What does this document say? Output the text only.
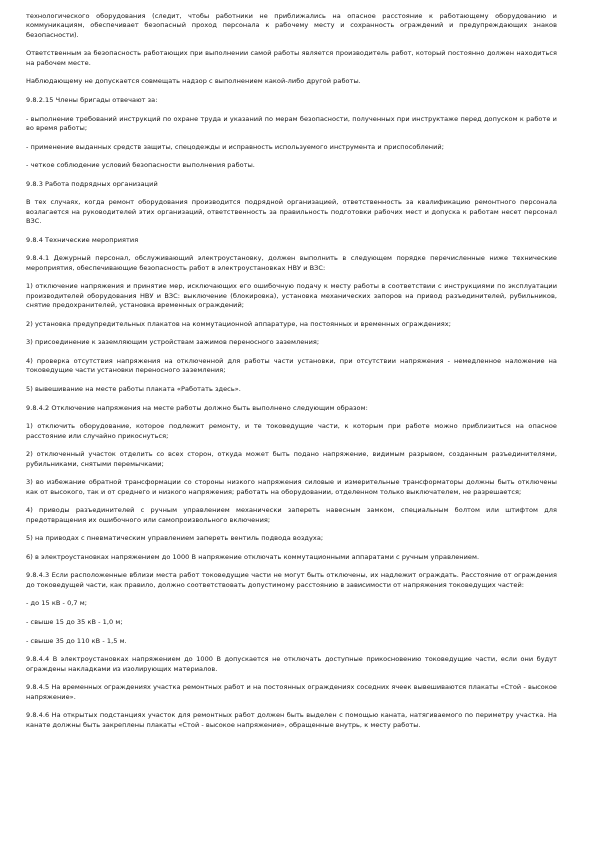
технологического оборудования (следит, чтобы работники не приближались на опасное расстояние к работающему оборудованию и коммуникациям, обеспечивает безопасный проход персонала к рабочему месту и сохранность ограждений и предупреждающих знаков безопасности).

Ответственным за безопасность работающих при выполнении самой работы является производитель работ, который постоянно должен находиться на рабочем месте.

Наблюдающему не допускается совмещать надзор с выполнением какой-либо другой работы.

9.8.2.15 Члены бригады отвечают за:

- выполнение требований инструкций по охране труда и указаний по мерам безопасности, полученных при инструктаже перед допуском к работе и во время работы;

- применение выданных средств защиты, спецодежды и исправность используемого инструмента и приспособлений;

- четкое соблюдение условий безопасности выполнения работы.

9.8.3 Работа подрядных организаций

В тех случаях, когда ремонт оборудования производится подрядной организацией, ответственность за квалификацию ремонтного персонала возлагается на руководителей этих организаций, ответственность за правильность подготовки рабочих мест и допуска к работам несет персонал ВЗС.

9.8.4 Технические мероприятия

9.8.4.1 Дежурный персонал, обслуживающий электроустановку, должен выполнить в следующем порядке перечисленные ниже технические мероприятия, обеспечивающие безопасность работ в электроустановках НВУ и ВЗС:

1) отключение напряжения и принятие мер, исключающих его ошибочную подачу к месту работы в соответствии с инструкциями по эксплуатации производителей оборудования НВУ и ВЗС: выключение (блокировка), установка механических запоров на привод разъединителей, рубильников, снятие предохранителей, установка временных ограждений;

2) установка предупредительных плакатов на коммутационной аппаратуре, на постоянных и временных ограждениях;

3) присоединение к заземляющим устройствам зажимов переносного заземления;

4) проверка отсутствия напряжения на отключенной для работы части установки, при отсутствии напряжения - немедленное наложение на токоведущие части установки переносного заземления;

5) вывешивание на месте работы плаката «Работать здесь».

9.8.4.2 Отключение напряжения на месте работы должно быть выполнено следующим образом:

1) отключить оборудование, которое подлежит ремонту, и те токоведущие части, к которым при работе можно приблизиться на опасное расстояние или случайно прикоснуться;

2) отключенный участок отделить со всех сторон, откуда может быть подано напряжение, видимым разрывом, созданным разъединителями, рубильниками, снятыми перемычками;

3) во избежание обратной трансформации со стороны низкого напряжения силовые и измерительные трансформаторы должны быть отключены как от высокого, так и от среднего и низкого напряжения; работать на оборудовании, отделенном только выключателем, не разрешается;

4) приводы разъединителей с ручным управлением механически запереть навесным замком, специальным болтом или штифтом для предотвращения их ошибочного или самопроизвольного включения;

5) на приводах с пневматическим управлением запереть вентиль подвода воздуха;

6) в электроустановках напряжением до 1000 В напряжение отключать коммутационными аппаратами с ручным управлением.

9.8.4.3 Если расположенные вблизи места работ токоведущие части не могут быть отключены, их надлежит ограждать. Расстояние от ограждения до токоведущей части, как правило, должно соответствовать допустимому расстоянию в зависимости от напряжения токоведущих частей:

- до 15 кВ - 0,7 м;

- свыше 15 до 35 кВ - 1,0 м;

- свыше 35 до 110 кВ - 1,5 м.

9.8.4.4 В электроустановках напряжением до 1000 В допускается не отключать доступные прикосновению токоведущие части, если они будут ограждены накладками из изолирующих материалов.

9.8.4.5 На временных ограждениях участка ремонтных работ и на постоянных ограждениях соседних ячеек вывешиваются плакаты «Стой - высокое напряжение».

9.8.4.6 На открытых подстанциях участок для ремонтных работ должен быть выделен с помощью каната, натягиваемого по периметру участка. На канате должны быть закреплены плакаты «Стой - высокое напряжение», обращенные внутрь, к месту работы.
